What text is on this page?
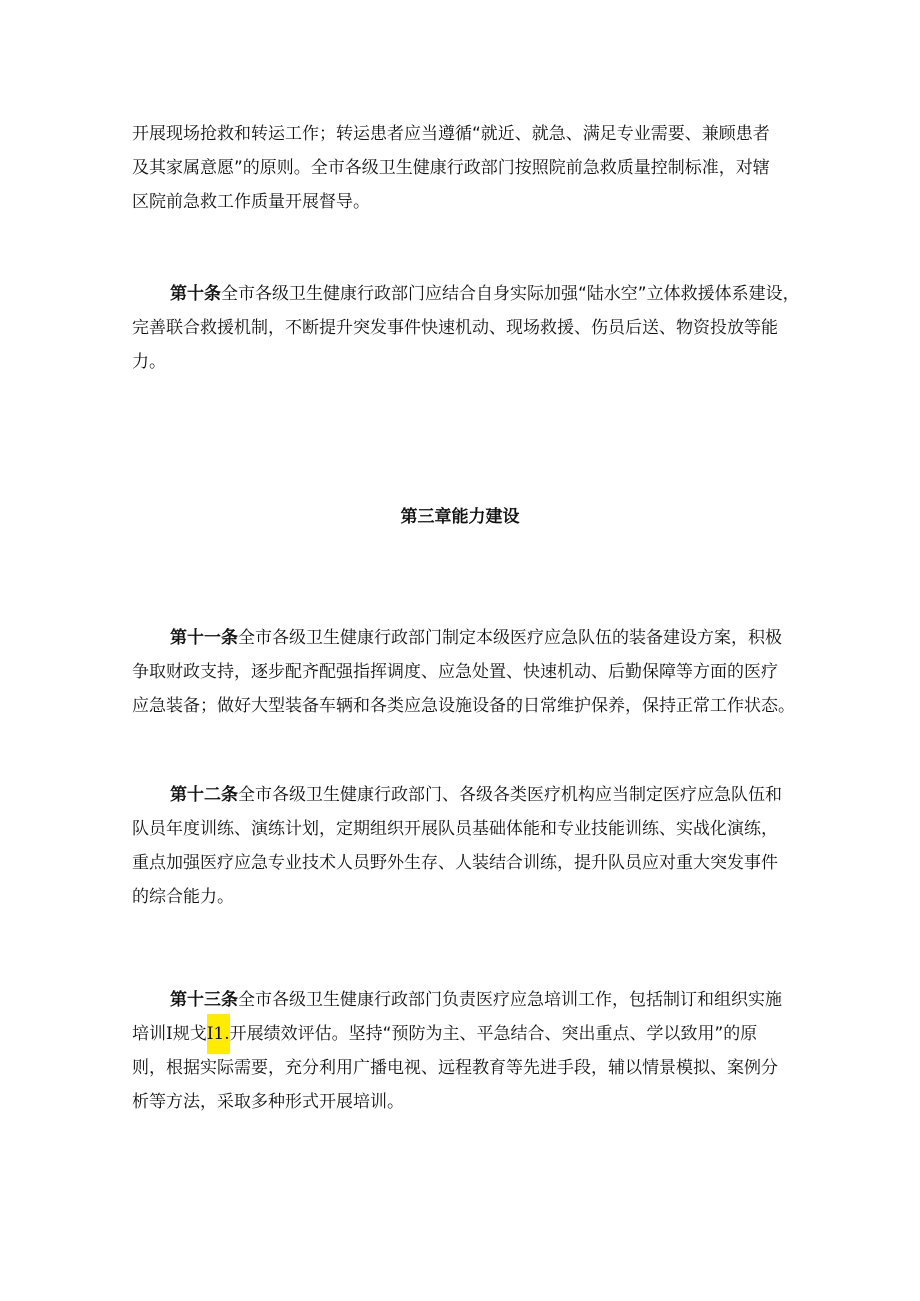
开展现场抢救和转运工作；转运患者应当遵循“就近、就急、满足专业需要、兼顾患者
及其家属意愿”的原则。全市各级卫生健康行政部门按照院前急救质量控制标准，对辖
区院前急救工作质量开展督导。
第十条全市各级卫生健康行政部门应结合自身实际加强“陆水空”立体救援体系建设，
完善联合救援机制，不断提升突发事件快速机动、现场救援、伤员后送、物资投放等能
力。
第三章能力建设
第十一条全市各级卫生健康行政部门制定本级医疗应急队伍的装备建设方案，积极
争取财政支持，逐步配齐配强指挥调度、应急处置、快速机动、后勤保障等方面的医疗
应急装备；做好大型装备车辆和各类应急设施设备的日常维护保养，保持正常工作状态。
第十二条全市各级卫生健康行政部门、各级各类医疗机构应当制定医疗应急队伍和
队员年度训练、演练计划，定期组织开展队员基础体能和专业技能训练、实战化演练，
重点加强医疗应急专业技术人员野外生存、人装结合训练，提升队员应对重大突发事件
的综合能力。
第十三条全市各级卫生健康行政部门负责医疗应急培训工作，包括制订和组织实施
培训I规戈I1.开展绩效评估。坚持“预防为主、平急结合、突出重点、学以致用”的原
则，根据实际需要，充分利用广播电视、远程教育等先进手段，辅以情景模拟、案例分
析等方法，采取多种形式开展培训。
